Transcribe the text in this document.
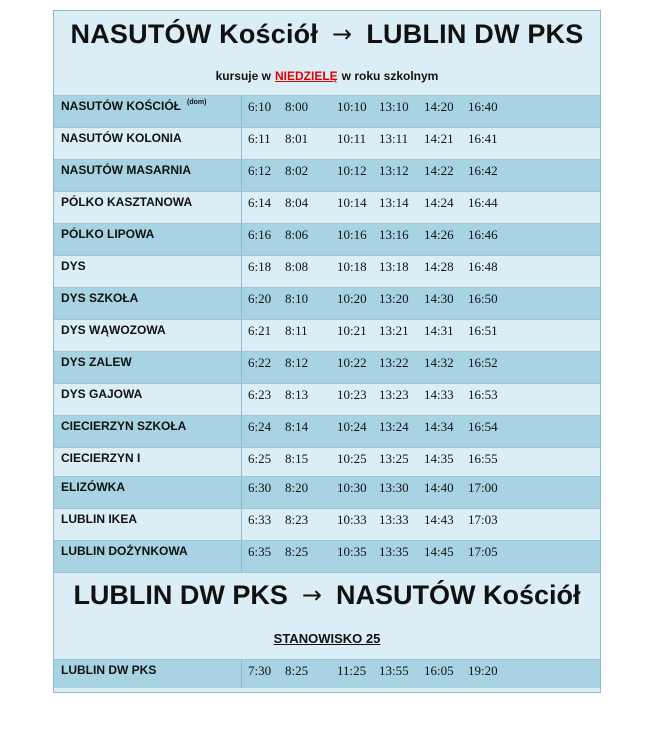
NASUTÓW Kościół → LUBLIN DW PKS
kursuje w NIEDZIELĘ w roku szkolnym
NASUTÓW KOŚCIÓŁ (dom)	6:10	8:00	10:10 13:10	14:20	16:40
NASUTÓW KOLONIA	6:11	8:01	10:11 13:11	14:21	16:41
NASUTÓW MASARNIA	6:12	8:02	10:12 13:12	14:22	16:42
PÓLKO KASZTANOWA	6:14	8:04	10:14 13:14	14:24	16:44
PÓLKO LIPOWA	6:16	8:06	10:16 13:16	14:26	16:46
DYS	6:18	8:08	10:18 13:18	14:28	16:48
DYS SZKOŁA	6:20	8:10	10:20 13:20	14:30	16:50
DYS WĄWOZOWA	6:21	8:11	10:21 13:21	14:31	16:51
DYS ZALEW	6:22	8:12	10:22 13:22	14:32	16:52
DYS GAJOWA	6:23	8:13	10:23 13:23	14:33	16:53
CIECIERZYN SZKOŁA	6:24	8:14	10:24 13:24	14:34	16:54
CIECIERZYN I	6:25	8:15	10:25 13:25	14:35	16:55
ELIZÓWKA	6:30	8:20	10:30 13:30	14:40	17:00
LUBLIN IKEA	6:33	8:23	10:33 13:33	14:43	17:03
LUBLIN DOŻYNKOWA	6:35	8:25	10:35 13:35	14:45	17:05
LUBLIN DW PKS → NASUTÓW Kościół
STANOWISKO 25
LUBLIN DW PKS	7:30	8:25	11:25 13:55	16:05	19:20
